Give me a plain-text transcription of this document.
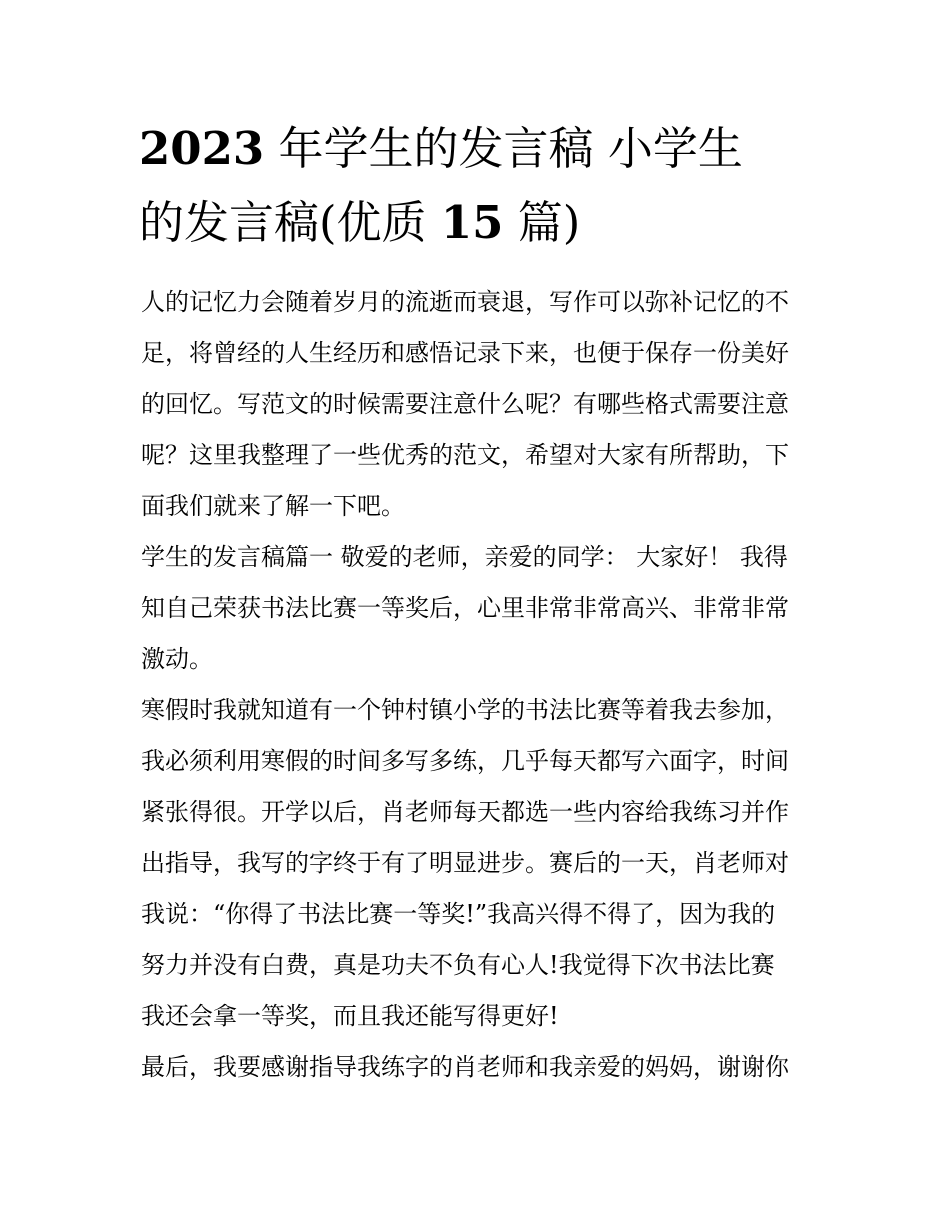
2023 年学生的发言稿 小学生
的发言稿(优质 15 篇)
人的记忆力会随着岁月的流逝而衰退，写作可以弥补记忆的不
足，将曾经的人生经历和感悟记录下来，也便于保存一份美好
的回忆。写范文的时候需要注意什么呢？有哪些格式需要注意
呢？这里我整理了一些优秀的范文，希望对大家有所帮助，下
面我们就来了解一下吧。
学生的发言稿篇一 敬爱的老师，亲爱的同学： 大家好！ 我得
知自己荣获书法比赛一等奖后，心里非常非常高兴、非常非常
激动。
寒假时我就知道有一个钟村镇小学的书法比赛等着我去参加，
我必须利用寒假的时间多写多练，几乎每天都写六面字，时间
紧张得很。开学以后，肖老师每天都选一些内容给我练习并作
出指导，我写的字终于有了明显进步。赛后的一天，肖老师对
我说：“你得了书法比赛一等奖!”我高兴得不得了，因为我的
努力并没有白费，真是功夫不负有心人!我觉得下次书法比赛
我还会拿一等奖，而且我还能写得更好!
最后，我要感谢指导我练字的肖老师和我亲爱的妈妈，谢谢你
